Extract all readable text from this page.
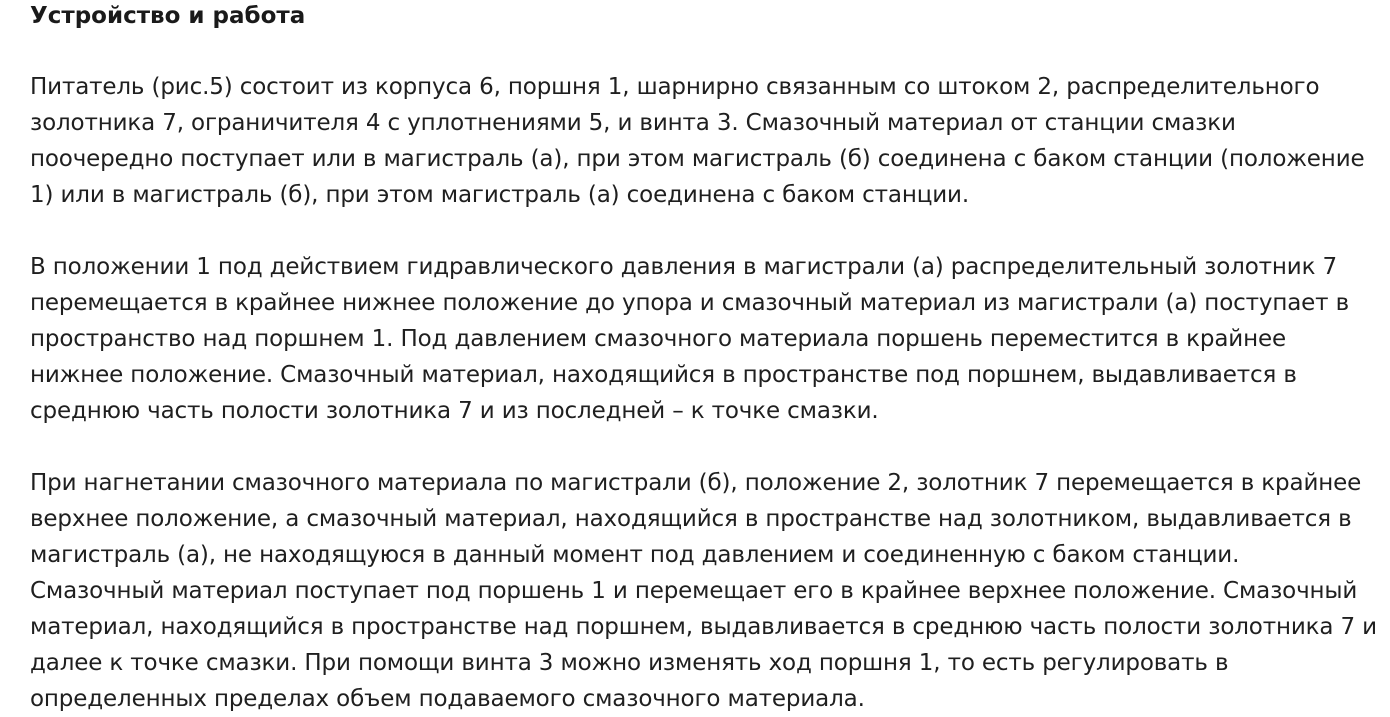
Устройство и работа

Питатель (рис.5) состоит из корпуса 6, поршня 1, шарнирно связанным со штоком 2, распределительного
золотника 7, ограничителя 4 с уплотнениями 5, и винта 3. Смазочный материал от станции смазки
поочередно поступает или в магистраль (а), при этом магистраль (б) соединена с баком станции (положение
1) или в магистраль (б), при этом магистраль (а) соединена с баком станции.

В положении 1 под действием гидравлического давления в магистрали (а) распределительный золотник 7
перемещается в крайнее нижнее положение до упора и смазочный материал из магистрали (а) поступает в
пространство над поршнем 1. Под давлением смазочного материала поршень переместится в крайнее
нижнее положение. Смазочный материал, находящийся в пространстве под поршнем, выдавливается в
среднюю часть полости золотника 7 и из последней – к точке смазки.

При нагнетании смазочного материала по магистрали (б), положение 2, золотник 7 перемещается в крайнее
верхнее положение, а смазочный материал, находящийся в пространстве над золотником, выдавливается в
магистраль (а), не находящуюся в данный момент под давлением и соединенную с баком станции.
Смазочный материал поступает под поршень 1 и перемещает его в крайнее верхнее положение. Смазочный
материал, находящийся в пространстве над поршнем, выдавливается в среднюю часть полости золотника 7 и
далее к точке смазки. При помощи винта 3 можно изменять ход поршня 1, то есть регулировать в
определенных пределах объем подаваемого смазочного материала.
